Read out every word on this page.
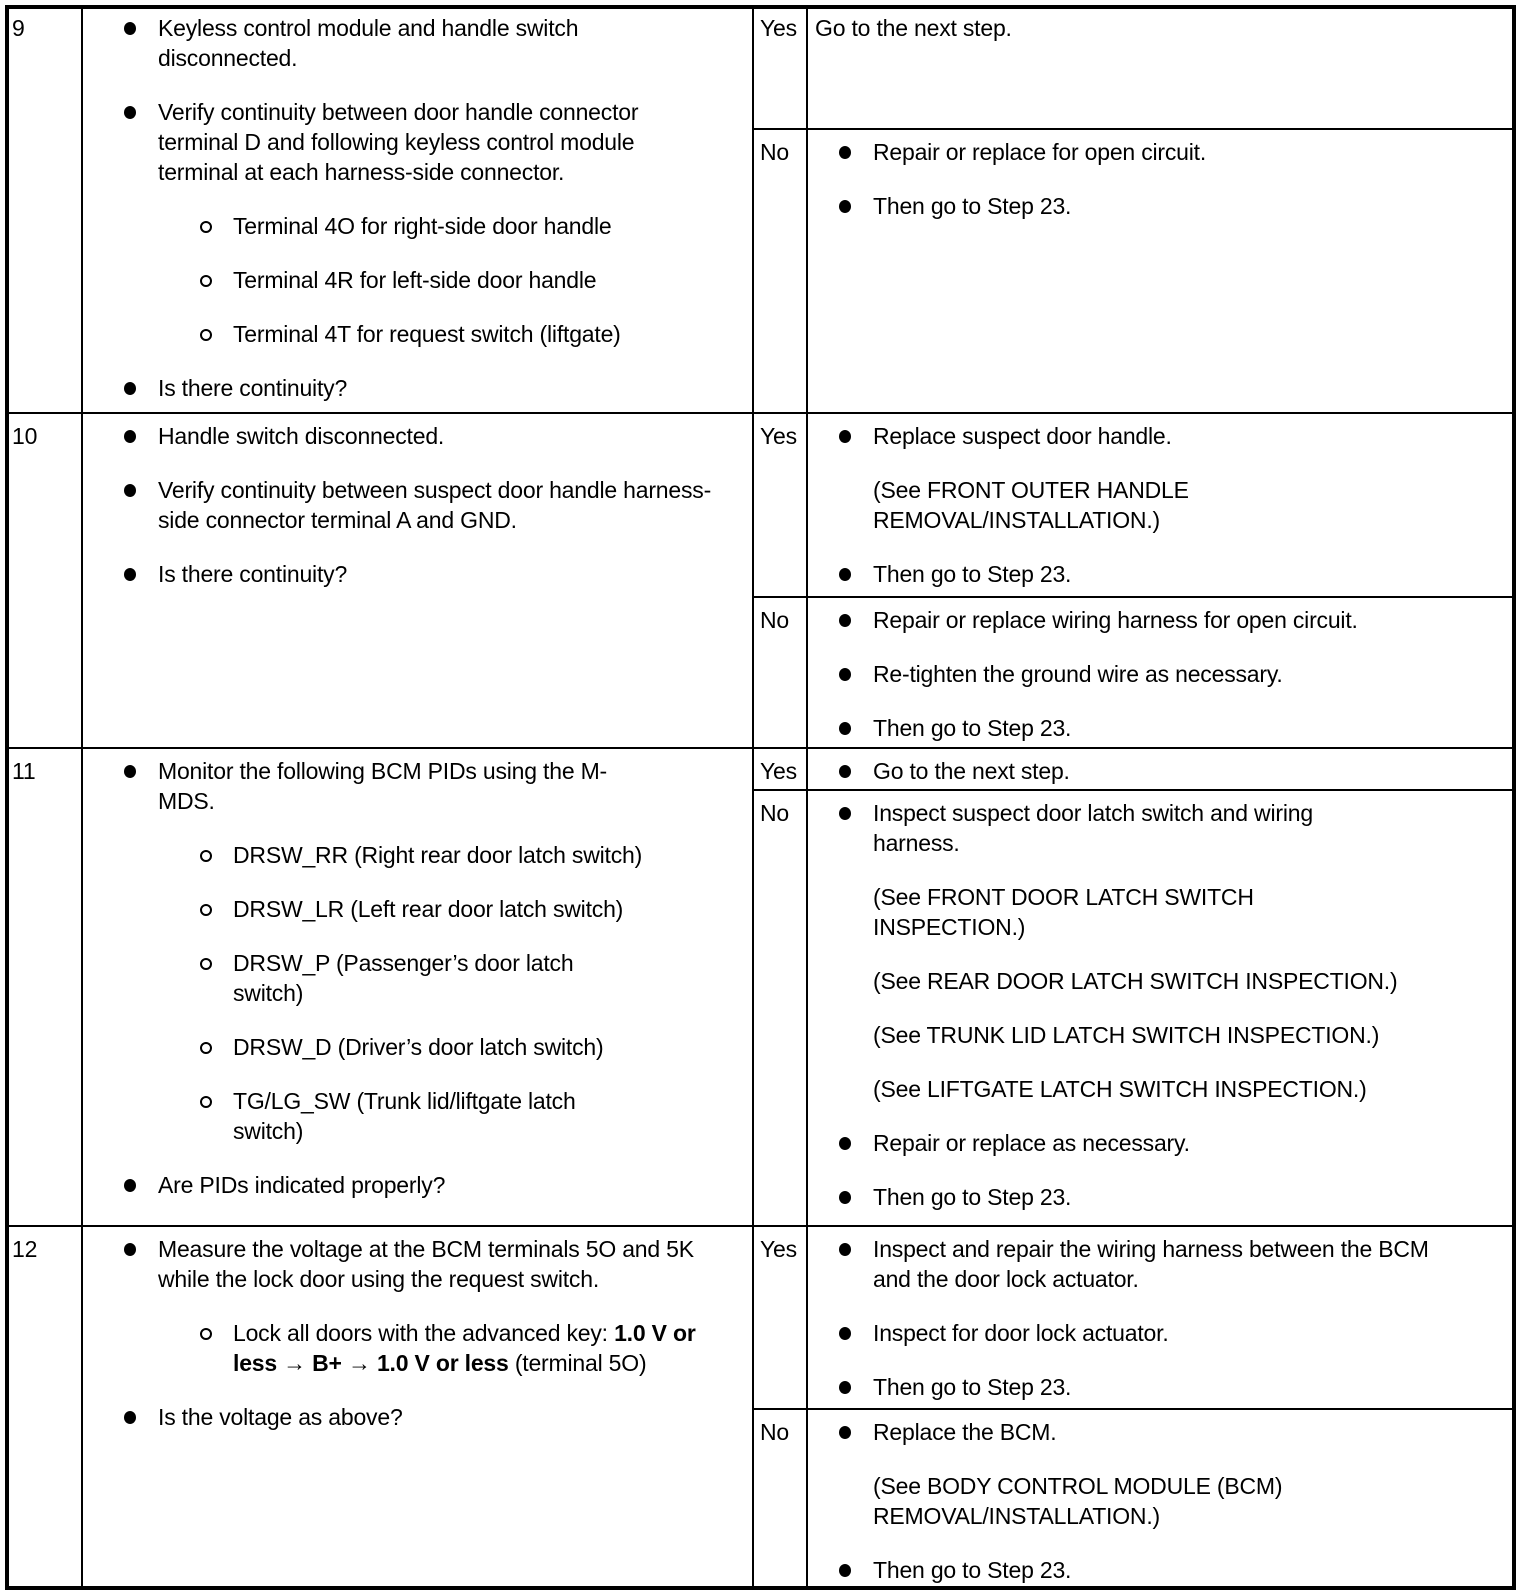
9	Keyless control module and handle switch disconnected.
Verify continuity between door handle connector terminal D and following keyless control module terminal at each harness-side connector.
Terminal 4O for right-side door handle
Terminal 4R for left-side door handle
Terminal 4T for request switch (liftgate)
Is there continuity?
Yes Go to the next step.
No	Repair or replace for open circuit.
Then go to Step 23.
10	Handle switch disconnected.
Verify continuity between suspect door handle harness-side connector terminal A and GND.
Is there continuity?
Yes	Replace suspect door handle.
(See FRONT OUTER HANDLE REMOVAL/INSTALLATION.)
Then go to Step 23.
No	Repair or replace wiring harness for open circuit.
Re-tighten the ground wire as necessary.
Then go to Step 23.
11	Monitor the following BCM PIDs using the M-MDS.
DRSW_RR (Right rear door latch switch)
DRSW_LR (Left rear door latch switch)
DRSW_P (Passenger’s door latch switch)
DRSW_D (Driver’s door latch switch)
TG/LG_SW (Trunk lid/liftgate latch switch)
Are PIDs indicated properly?
Yes	Go to the next step.
No	Inspect suspect door latch switch and wiring harness.
(See FRONT DOOR LATCH SWITCH INSPECTION.)
(See REAR DOOR LATCH SWITCH INSPECTION.)
(See TRUNK LID LATCH SWITCH INSPECTION.)
(See LIFTGATE LATCH SWITCH INSPECTION.)
Repair or replace as necessary.
Then go to Step 23.
12	Measure the voltage at the BCM terminals 5O and 5K while the lock door using the request switch.
Lock all doors with the advanced key: 1.0 V or less → B+ → 1.0 V or less (terminal 5O)
Is the voltage as above?
Yes	Inspect and repair the wiring harness between the BCM and the door lock actuator.
Inspect for door lock actuator.
Then go to Step 23.
No	Replace the BCM.
(See BODY CONTROL MODULE (BCM) REMOVAL/INSTALLATION.)
Then go to Step 23.
